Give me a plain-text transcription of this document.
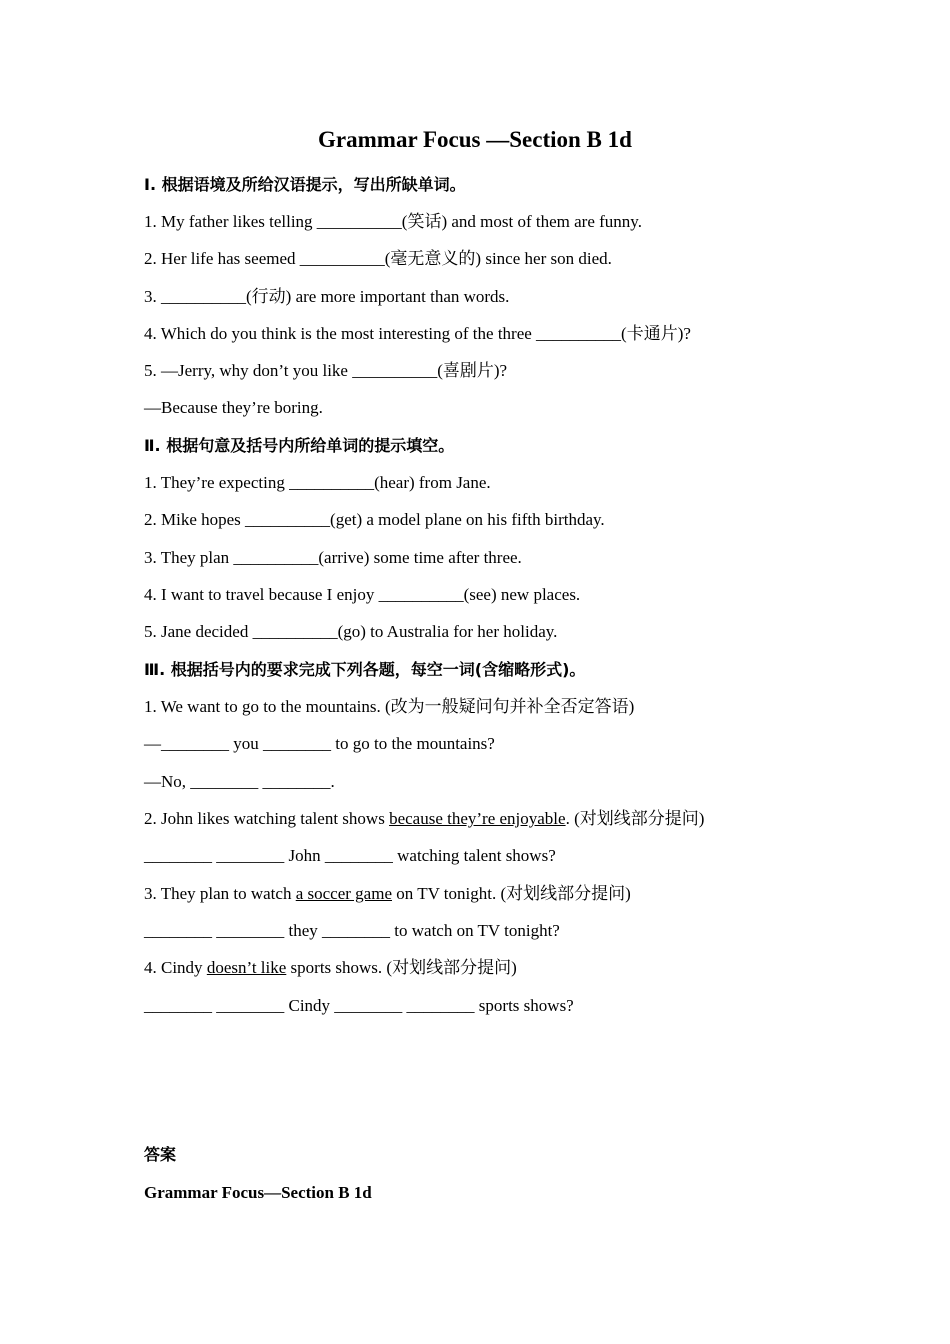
Grammar Focus —Section B 1d
Ⅰ. 根据语境及所给汉语提示，写出所缺单词。
1. My father likes telling __________(笑话) and most of them are funny.
2. Her life has seemed __________(毫无意义的) since her son died.
3. __________(行动) are more important than words.
4. Which do you think is the most interesting of the three __________(卡通片)?
5. —Jerry, why don’t you like __________(喜剧片)?
—Because they’re boring.
Ⅱ. 根据句意及括号内所给单词的提示填空。
1. They’re expecting __________(hear) from Jane.
2. Mike hopes __________(get) a model plane on his fifth birthday.
3. They plan __________(arrive) some time after three.
4. I want to travel because I enjoy __________(see) new places.
5. Jane decided __________(go) to Australia for her holiday.
Ⅲ. 根据括号内的要求完成下列各题，每空一词(含缩略形式)。
1. We want to go to the mountains. (改为一般疑问句并补全否定答语)
—________ you ________ to go to the mountains?
—No, ________ ________.
2. John likes watching talent shows because they’re enjoyable. (对划线部分提问)
________ ________ John ________ watching talent shows?
3. They plan to watch a soccer game on TV tonight. (对划线部分提问)
________ ________ they ________ to watch on TV tonight?
4. Cindy doesn’t like sports shows. (对划线部分提问)
________ ________ Cindy ________ ________ sports shows?
答案
Grammar Focus—Section B 1d
